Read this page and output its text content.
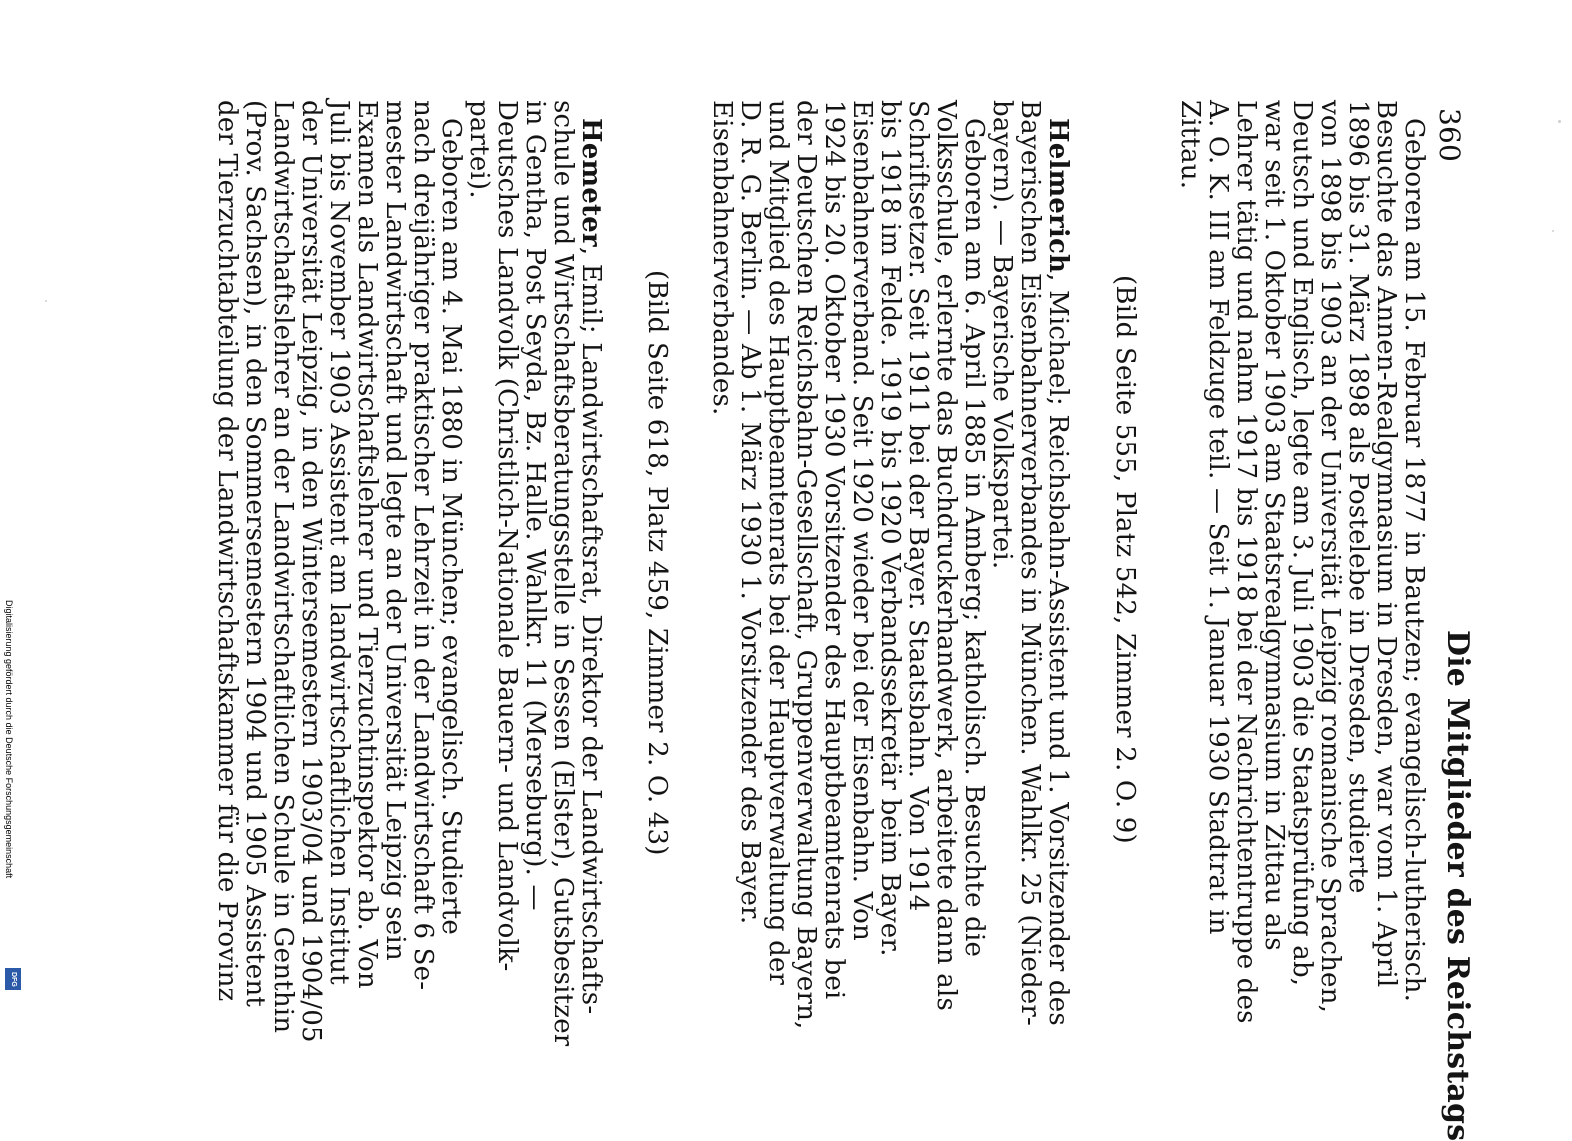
360
Die Mitglieder des Reichstags
Geboren am 15. Februar 1877 in Bautzen; evangelisch-lutherisch.
Besuchte das Annen-Realgymnasium in Dresden, war vom 1. April
1896 bis 31. März 1898 als Postelebe in Dresden, studierte
von 1898 bis 1903 an der Universität Leipzig romanische Sprachen,
Deutsch und Englisch, legte am 3. Juli 1903 die Staatsprüfung ab,
war seit 1. Oktober 1903 am Staatsrealgymnasium in Zittau als
Lehrer tätig und nahm 1917 bis 1918 bei der Nachrichtentruppe des
A. O. K. III am Feldzuge teil. — Seit 1. Januar 1930 Stadtrat in
Zittau.
(Bild Seite 555, Platz 542, Zimmer 2. O. 9)
Helmerich, Michael; Reichsbahn-Assistent und 1. Vorsitzender des
Bayerischen Eisenbahnerverbandes in München. Wahlkr. 25 (Nieder-
bayern). — Bayerische Volkspartei.
Geboren am 6. April 1885 in Amberg; katholisch. Besuchte die
Volksschule, erlernte das Buchdruckerhandwerk, arbeitete dann als
Schriftsetzer. Seit 1911 bei der Bayer. Staatsbahn. Von 1914
bis 1918 im Felde. 1919 bis 1920 Verbandssekretär beim Bayer.
Eisenbahnerverband. Seit 1920 wieder bei der Eisenbahn. Von
1924 bis 20. Oktober 1930 Vorsitzender des Hauptbeamtenrats bei
der Deutschen Reichsbahn-Gesellschaft, Gruppenverwaltung Bayern,
und Mitglied des Hauptbeamtenrats bei der Hauptverwaltung der
D. R. G. Berlin. — Ab 1. März 1930 1. Vorsitzender des Bayer.
Eisenbahnerverbandes.
(Bild Seite 618, Platz 459, Zimmer 2. O. 43)
Hemeter, Emil; Landwirtschaftsrat, Direktor der Landwirtschafts-
schule und Wirtschaftsberatungsstelle in Sessen (Elster), Gutsbesitzer
in Gentha, Post Seyda, Bz. Halle. Wahlkr. 11 (Merseburg). —
Deutsches Landvolk (Christlich-Nationale Bauern- und Landvolk-
partei).
Geboren am 4. Mai 1880 in München; evangelisch. Studierte
nach dreijähriger praktischer Lehrzeit in der Landwirtschaft 6 Se-
mester Landwirtschaft und legte an der Universität Leipzig sein
Examen als Landwirtschaftslehrer und Tierzuchtinspektor ab. Von
Juli bis November 1903 Assistent am landwirtschaftlichen Institut
der Universität Leipzig, in den Wintersemestern 1903/04 und 1904/05
Landwirtschaftslehrer an der Landwirtschaftlichen Schule in Genthin
(Prov. Sachsen), in den Sommersemestern 1904 und 1905 Assistent
der Tierzuchtabteilung der Landwirtschaftskammer für die Provinz
Digitalisierung gefördert durch die Deutsche Forschungsgemeinschaft
DFG
